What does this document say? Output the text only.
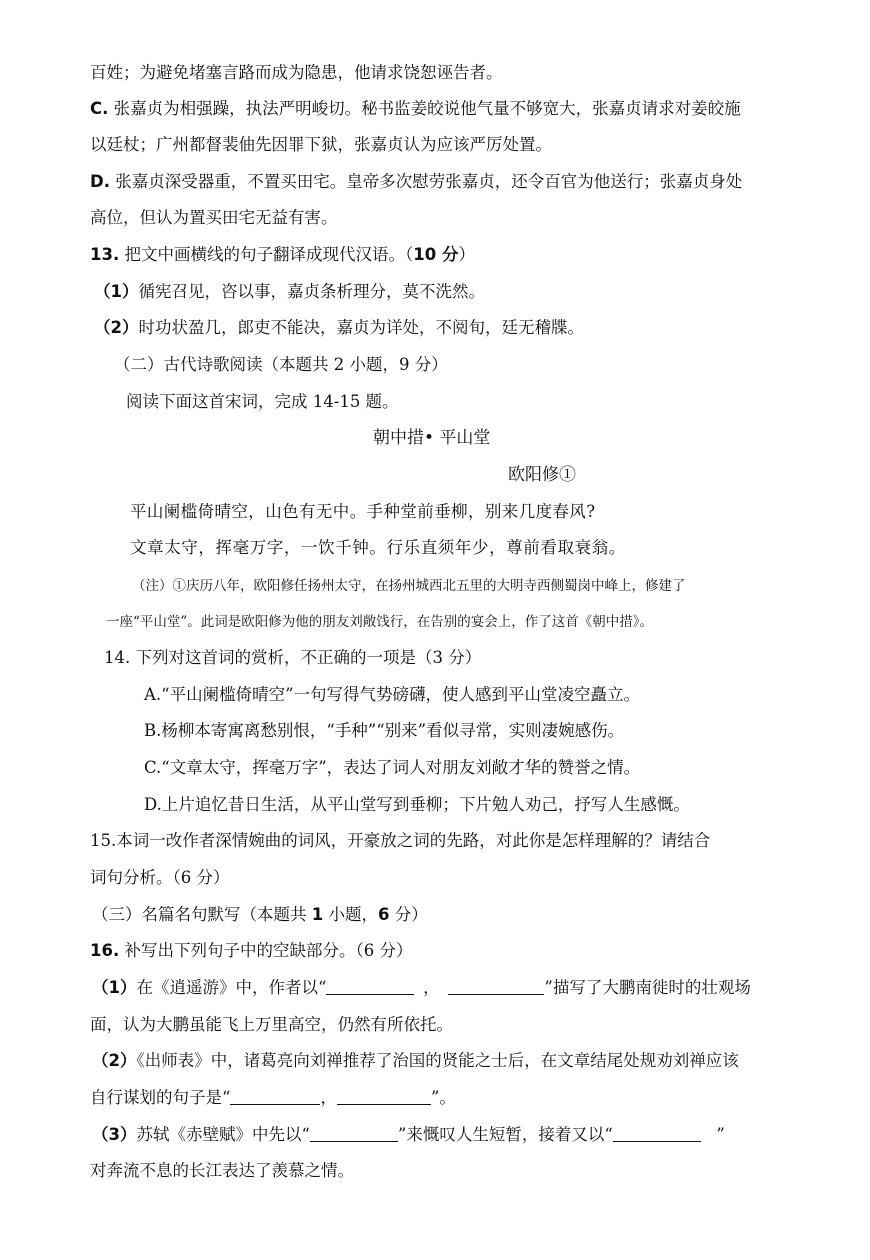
百姓；为避免堵塞言路而成为隐患，他请求饶恕诬告者。
C. 张嘉贞为相强躁，执法严明峻切。秘书监姜皎说他气量不够宽大，张嘉贞请求对姜皎施
以廷杖；广州都督裴伷先因罪下狱，张嘉贞认为应该严厉处置。
D. 张嘉贞深受器重，不置买田宅。皇帝多次慰劳张嘉贞，还令百官为他送行；张嘉贞身处
高位，但认为置买田宅无益有害。
13. 把文中画横线的句子翻译成现代汉语。（10 分）
（1）循宪召见，咨以事，嘉贞条析理分，莫不洗然。
（2）时功状盈几，郎吏不能决，嘉贞为详处，不阅旬，廷无稽牒。
（二）古代诗歌阅读（本题共 2 小题，9 分）
阅读下面这首宋词，完成 14-15 题。
朝中措• 平山堂
欧阳修①
平山阑槛倚晴空，山色有无中。手种堂前垂柳，别来几度春风?
文章太守，挥毫万字，一饮千钟。行乐直须年少，尊前看取衰翁。
（注）①庆历八年，欧阳修任扬州太守，在扬州城西北五里的大明寺西侧蜀岗中峰上，修建了
一座“平山堂”。此词是欧阳修为他的朋友刘敞饯行，在告别的宴会上，作了这首《朝中措》。
14. 下列对这首词的赏析，不正确的一项是（3 分）
A.“平山阑槛倚晴空”一句写得气势磅礴，使人感到平山堂凌空矗立。
B.杨柳本寄寓离愁别恨，“手种”“别来”看似寻常，实则凄婉感伤。
C.“文章太守，挥毫万字”，表达了词人对朋友刘敞才华的赞誉之情。
D.上片追忆昔日生活，从平山堂写到垂柳；下片勉人劝己，抒写人生感慨。
15.本词一改作者深情婉曲的词风，开豪放之词的先路，对此你是怎样理解的？请结合
词句分析。（6 分）
（三）名篇名句默写（本题共 1 小题，6 分）
16. 补写出下列句子中的空缺部分。（6 分）
（1）在《逍遥游》中，作者以“	，	”描写了大鹏南徙时的壮观场
面，认为大鹏虽能飞上万里高空，仍然有所依托。
（2）《出师表》中，诸葛亮向刘禅推荐了治国的贤能之士后，在文章结尾处规劝刘禅应该
自行谋划的句子是“	，	”。
（3）苏轼《赤壁赋》中先以“	”来慨叹人生短暂，接着又以“	”
对奔流不息的长江表达了羡慕之情。
